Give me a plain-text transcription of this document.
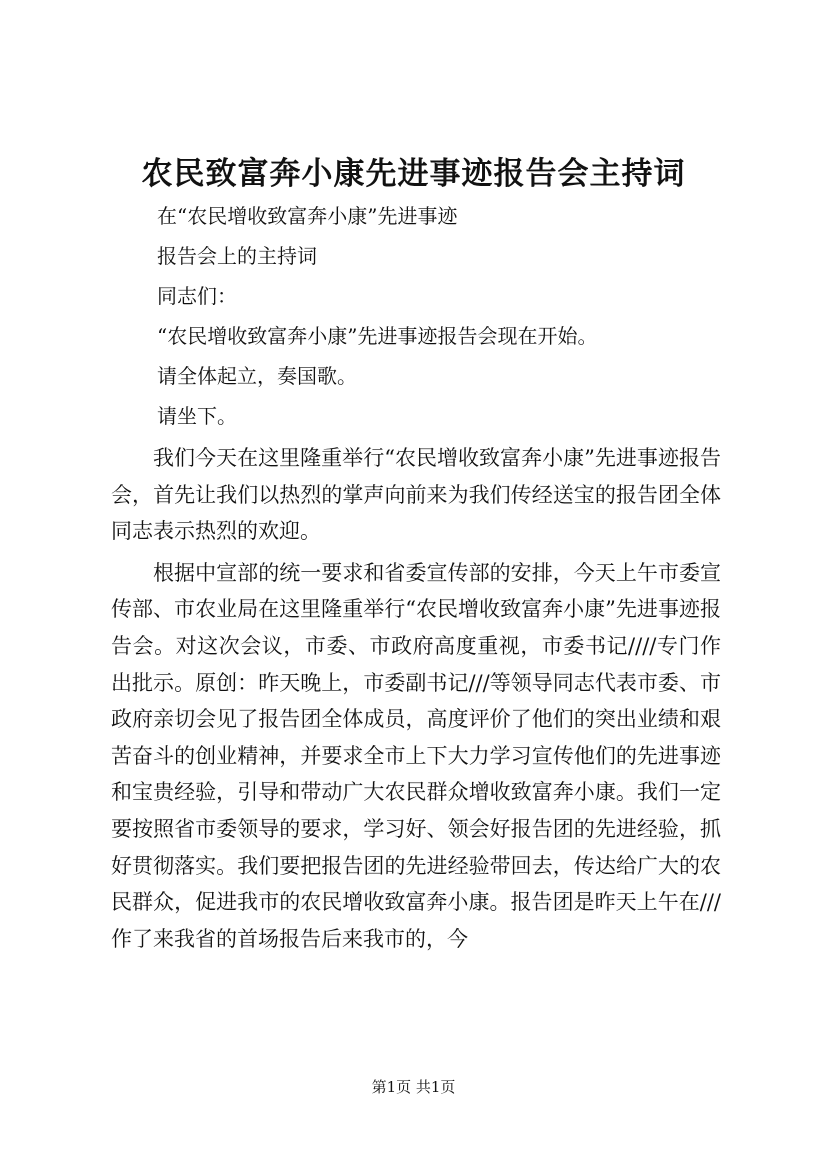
农民致富奔小康先进事迹报告会主持词

在“农民增收致富奔小康”先进事迹

报告会上的主持词

同志们：

“农民增收致富奔小康”先进事迹报告会现在开始。

请全体起立，奏国歌。

请坐下。

我们今天在这里隆重举行“农民增收致富奔小康”先进事迹报告会，首先让我们以热烈的掌声向前来为我们传经送宝的报告团全体同志表示热烈的欢迎。

根据中宣部的统一要求和省委宣传部的安排，今天上午市委宣传部、市农业局在这里隆重举行“农民增收致富奔小康”先进事迹报告会。对这次会议，市委、市政府高度重视，市委书记////专门作出批示。原创：昨天晚上，市委副书记///等领导同志代表市委、市政府亲切会见了报告团全体成员，高度评价了他们的突出业绩和艰苦奋斗的创业精神，并要求全市上下大力学习宣传他们的先进事迹和宝贵经验，引导和带动广大农民群众增收致富奔小康。我们一定要按照省市委领导的要求，学习好、领会好报告团的先进经验，抓好贯彻落实。我们要把报告团的先进经验带回去，传达给广大的农民群众，促进我市的农民增收致富奔小康。报告团是昨天上午在///作了来我省的首场报告后来我市的，今

第1页 共1页
